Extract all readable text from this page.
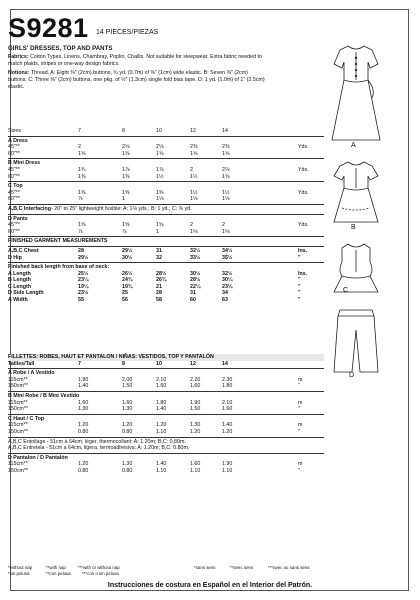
S9281 14 PIECES/PIEZAS
GIRLS' DRESSES, TOP AND PANTS
Fabrics: Cotton Types, Linens, Chambray, Poplin, Challis. Not suitable for sleepwear. Extra fabric needed to match plaids, stripes or one-way design fabrics.
Notions: Thread. A: Eight ⅜" (2cm) buttons, ¾ yd. (0.7m) of ⅜" (1cm) wide elastic. B: Seven ⅜" (2cm) buttons. C: Three ⅜" (2cm) buttons, one pkg. of ½" (1.3cm) single fold bias tape. D: 1 yd. (1.0m) of 1" (2.5cm) elastic.
Sizes	7	8	10	12	14
A Dress
45"**	2	2⅛	2⅛	2⅜	2⅜	Yds.
60"**	1⅝	1⅝	1⅝	1⅝	1⅝
B Mini Dress
45"**	1¾	1⅞	1⅞	2	2⅛	Yds.
60"**	1⅜	1⅜	1½	1½	1⅝
C Top
45"**	1⅜	1⅜	1⅜	1½	1½	Yds.
60"**	⅞	1	1⅛	1⅛	1⅛
A,B,C Interfacing- 20" to 25" lightweight fusible: A: 1⅛ yds.; B: 1 yd.; C: ⅜ yd.
D Pants
45"**	1⅝	1⅝	1⅝	2	2	Yds.
60"**	⅞	⅞	1	1⅛	1⅛
FINISHED GARMENT MEASUREMENTS
A,B,C Chest	28	29½	31	32½	34½	Ins.
D Hip	29½	30½	32	33½	35½	"
Finished back length from base of neck:
A Length	25½	26½	28½	30½	32½	Ins.
B Length	23¼	24¾	26¾	28½	30¼	"
C Length	19¼	19¾	21	22¼	23¼	"
D Side Length	23½	25	28	31	34	"
A Width	55	56	58	60	63	"
FILLETTES: ROBES, HAUT ET PANTALON / NIÑAS: VESTIDOS, TOP Y PANTALÓN
Tailles/Tall	7	8	10	12	14
A Robe / A Vestido
115cm**	1.90	2.00	2.10	2.20	2.30	m
150cm**	1.40	1.50	1.60	1.60	1.80	"
B Mini Robe / B Mini Vestido
115cm**	1.60	1.60	1.80	1.90	2.10	m
150cm**	1.30	1.30	1.40	1.50	1.60	"
C Haut / C Top
115cm**	1.20	1.20	1.20	1.30	1.40	m
150cm**	0.80	0.80	1.10	1.20	1.20	"
A,B,C Entoilage - 51cm à 64cm, léger, thermocollant: A: 1.20m; B,C: 0.80m.
A,B,C Entretela - 51cm a 64cm, ligera, termoadhesiva: A: 1.20m; B,C: 0.80m.
D Pantalon / D Pantalón
115cm**	1.20	1.30	1.40	1.60	1.90	m
150cm**	0.80	0.80	1.10	1.10	1.10	"
*without nap	**with nap	***with or without nap	*sans sens	**avec sens	***avec ou sans sens
*sin pelusa	**con pelusa	***con o sin pelusa
Instrucciones de costura en Español en el Interior del Patrón.
A
B
C
D
